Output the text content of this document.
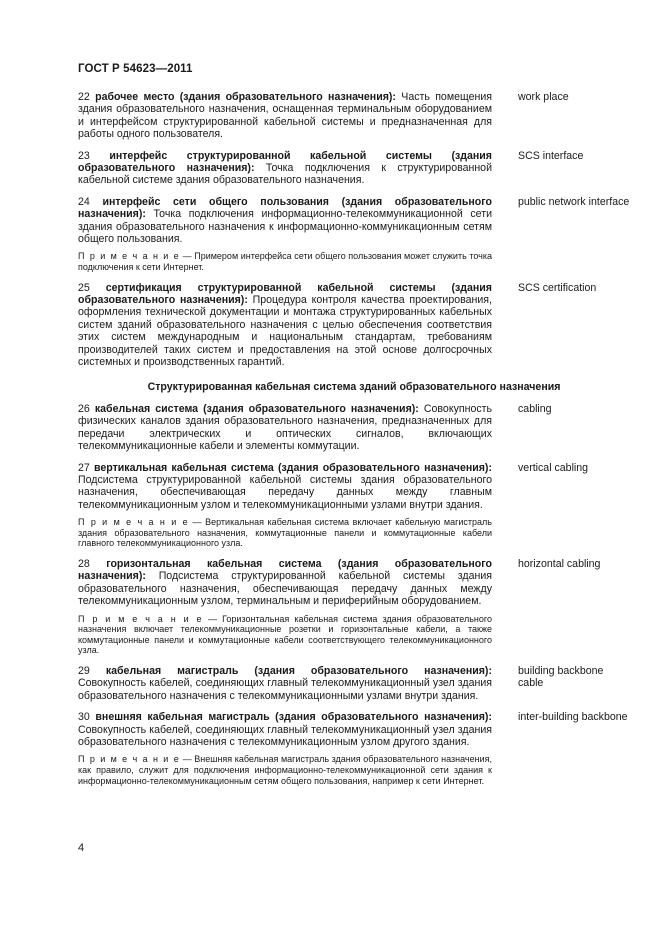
ГОСТ Р 54623—2011
22 рабочее место (здания образовательного назначения): Часть помещения здания образовательного назначения, оснащенная терминальным оборудованием и интерфейсом структурированной кабельной системы и предназначенная для работы одного пользователя.
work place
23 интерфейс структурированной кабельной системы (здания образовательного назначения): Точка подключения к структурированной кабельной системе здания образовательного назначения.
SCS interface
24 интерфейс сети общего пользования (здания образовательного назначения): Точка подключения информационно-телекоммуникационной сети здания образовательного назначения к информационно-коммуникационным сетям общего пользования.
public network interface
П р и м е ч а н и е — Примером интерфейса сети общего пользования может служить точка подключения к сети Интернет.
25 сертификация структурированной кабельной системы (здания образовательного назначения): Процедура контроля качества проектирования, оформления технической документации и монтажа структурированных кабельных систем зданий образовательного назначения с целью обеспечения соответствия этих систем международным и национальным стандартам, требованиям производителей таких систем и предоставления на этой основе долгосрочных системных и производственных гарантий.
SCS certification
Структурированная кабельная система зданий образовательного назначения
26 кабельная система (здания образовательного назначения): Совокупность физических каналов здания образовательного назначения, предназначенных для передачи электрических и оптических сигналов, включающих телекоммуникационные кабели и элементы коммутации.
cabling
27 вертикальная кабельная система (здания образовательного назначения): Подсистема структурированной кабельной системы здания образовательного назначения, обеспечивающая передачу данных между главным телекоммуникационным узлом и телекоммуникационными узлами внутри здания.
vertical cabling
П р и м е ч а н и е — Вертикальная кабельная система включает кабельную магистраль здания образовательного назначения, коммутационные панели и коммутационные кабели главного телекоммуникационного узла.
28 горизонтальная кабельная система (здания образовательного назначения): Подсистема структурированной кабельной системы здания образовательного назначения, обеспечивающая передачу данных между телекоммуникационным узлом, терминальным и периферийным оборудованием.
horizontal cabling
П р и м е ч а н и е — Горизонтальная кабельная система здания образовательного назначения включает телекоммуникационные розетки и горизонтальные кабели, а также коммутационные панели и коммутационные кабели соответствующего телекоммуникационного узла.
29 кабельная магистраль (здания образовательного назначения): Совокупность кабелей, соединяющих главный телекоммуникационный узел здания образовательного назначения с телекоммуникационными узлами внутри здания.
building backbone cable
30 внешняя кабельная магистраль (здания образовательного назначения): Совокупность кабелей, соединяющих главный телекоммуникационный узел здания образовательного назначения с телекоммуникационным узлом другого здания.
inter-building backbone
П р и м е ч а н и е — Внешняя кабельная магистраль здания образовательного назначения, как правило, служит для подключения информационно-телекоммуникационной сети здания к информационно-телекоммуникационным сетям общего пользования, например к сети Интернет.
4
